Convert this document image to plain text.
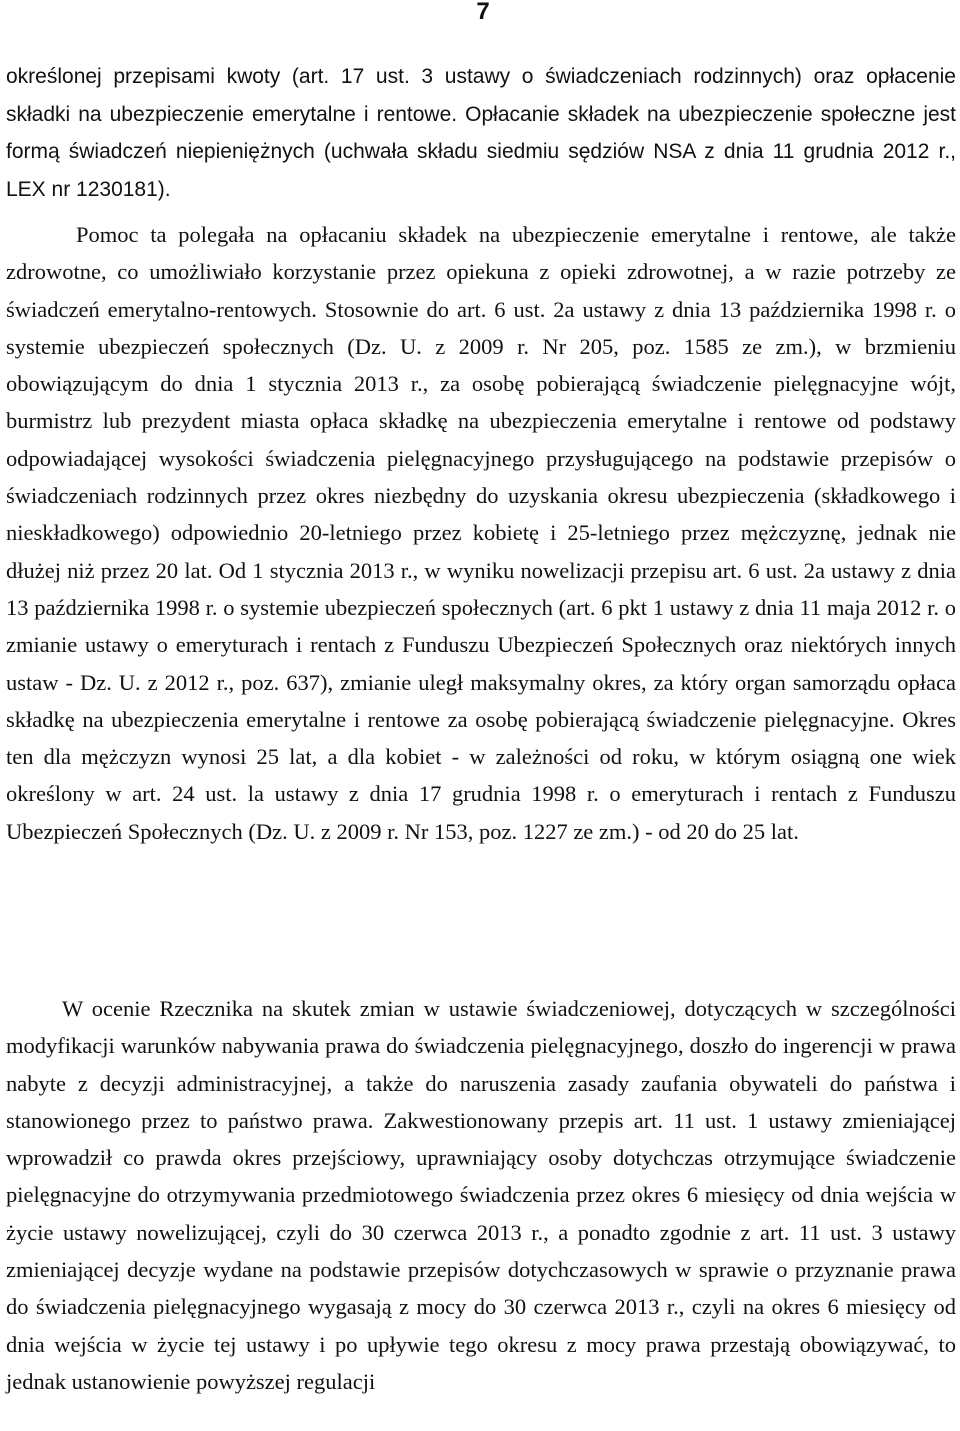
7

określonej przepisami kwoty (art. 17 ust. 3 ustawy o świadczeniach rodzinnych) oraz opłacenie składki na ubezpieczenie emerytalne i rentowe. Opłacanie składek na ubezpieczenie społeczne jest formą świadczeń niepieniężnych (uchwała składu siedmiu sędziów NSA z dnia 11 grudnia 2012 r., LEX nr 1230181).

Pomoc ta polegała na opłacaniu składek na ubezpieczenie emerytalne i rentowe, ale także zdrowotne, co umożliwiało korzystanie przez opiekuna z opieki zdrowotnej, a w razie potrzeby ze świadczeń emerytalno-rentowych. Stosownie do art. 6 ust. 2a ustawy z dnia 13 października 1998 r. o systemie ubezpieczeń społecznych (Dz. U. z 2009 r. Nr 205, poz. 1585 ze zm.), w brzmieniu obowiązującym do dnia 1 stycznia 2013 r., za osobę pobierającą świadczenie pielęgnacyjne wójt, burmistrz lub prezydent miasta opłaca składkę na ubezpieczenia emerytalne i rentowe od podstawy odpowiadającej wysokości świadczenia pielęgnacyjnego przysługującego na podstawie przepisów o świadczeniach rodzinnych przez okres niezbędny do uzyskania okresu ubezpieczenia (składkowego i nieskładkowego) odpowiednio 20-letniego przez kobietę i 25-letniego przez mężczyznę, jednak nie dłużej niż przez 20 lat. Od 1 stycznia 2013 r., w wyniku nowelizacji przepisu art. 6 ust. 2a ustawy z dnia 13 października 1998 r. o systemie ubezpieczeń społecznych (art. 6 pkt 1 ustawy z dnia 11 maja 2012 r. o zmianie ustawy o emeryturach i rentach z Funduszu Ubezpieczeń Społecznych oraz niektórych innych ustaw - Dz. U. z 2012 r., poz. 637), zmianie uległ maksymalny okres, za który organ samorządu opłaca składkę na ubezpieczenia emerytalne i rentowe za osobę pobierającą świadczenie pielęgnacyjne. Okres ten dla mężczyzn wynosi 25 lat, a dla kobiet - w zależności od roku, w którym osiągną one wiek określony w art. 24 ust. la ustawy z dnia 17 grudnia 1998 r. o emeryturach i rentach z Funduszu Ubezpieczeń Społecznych (Dz. U. z 2009 r. Nr 153, poz. 1227 ze zm.) - od 20 do 25 lat.

W ocenie Rzecznika na skutek zmian w ustawie świadczeniowej, dotyczących w szczególności modyfikacji warunków nabywania prawa do świadczenia pielęgnacyjnego, doszło do ingerencji w prawa nabyte z decyzji administracyjnej, a także do naruszenia zasady zaufania obywateli do państwa i stanowionego przez to państwo prawa. Zakwestionowany przepis art. 11 ust. 1 ustawy zmieniającej wprowadził co prawda okres przejściowy, uprawniający osoby dotychczas otrzymujące świadczenie pielęgnacyjne do otrzymywania przedmiotowego świadczenia przez okres 6 miesięcy od dnia wejścia w życie ustawy nowelizującej, czyli do 30 czerwca 2013 r., a ponadto zgodnie z art. 11 ust. 3 ustawy zmieniającej decyzje wydane na podstawie przepisów dotychczasowych w sprawie o przyznanie prawa do świadczenia pielęgnacyjnego wygasają z mocy do 30 czerwca 2013 r., czyli na okres 6 miesięcy od dnia wejścia w życie tej ustawy i po upływie tego okresu z mocy prawa przestają obowiązywać, to jednak ustanowienie powyższej regulacji
